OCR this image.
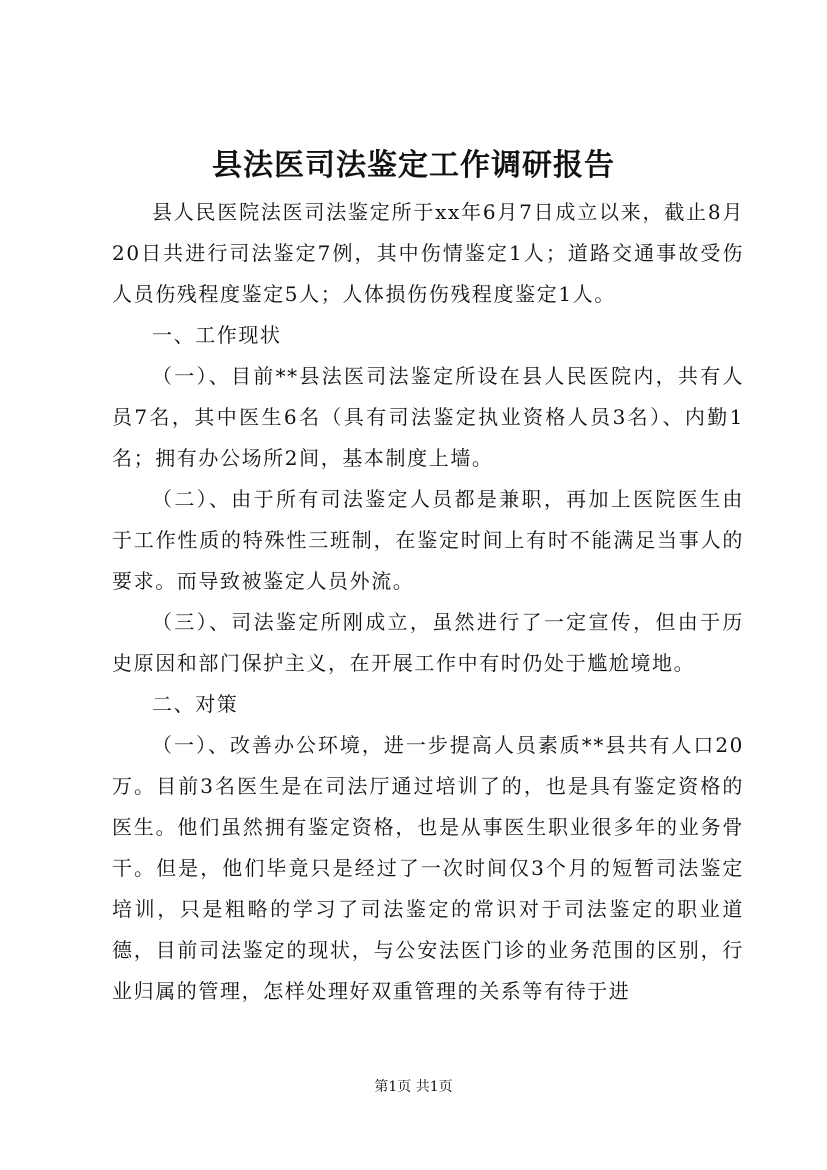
县法医司法鉴定工作调研报告

县人民医院法医司法鉴定所于xx年6月7日成立以来，截止8月20日共进行司法鉴定7例，其中伤情鉴定1人；道路交通事故受伤人员伤残程度鉴定5人；人体损伤伤残程度鉴定1人。

一、工作现状

（一）、目前**县法医司法鉴定所设在县人民医院内，共有人员7名，其中医生6名（具有司法鉴定执业资格人员3名）、内勤1名；拥有办公场所2间，基本制度上墙。

（二）、由于所有司法鉴定人员都是兼职，再加上医院医生由于工作性质的特殊性三班制，在鉴定时间上有时不能满足当事人的要求。而导致被鉴定人员外流。

（三）、司法鉴定所刚成立，虽然进行了一定宣传，但由于历史原因和部门保护主义，在开展工作中有时仍处于尴尬境地。

二、对策

（一）、改善办公环境，进一步提高人员素质**县共有人口20万。目前3名医生是在司法厅通过培训了的，也是具有鉴定资格的医生。他们虽然拥有鉴定资格，也是从事医生职业很多年的业务骨干。但是，他们毕竟只是经过了一次时间仅3个月的短暂司法鉴定培训，只是粗略的学习了司法鉴定的常识对于司法鉴定的职业道德，目前司法鉴定的现状，与公安法医门诊的业务范围的区别，行业归属的管理，怎样处理好双重管理的关系等有待于进

第1页 共1页
